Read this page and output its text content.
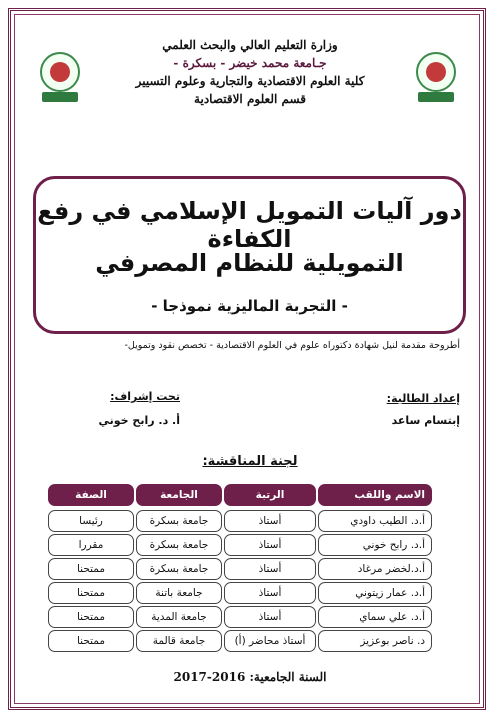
وزارة التعليم العالي والبحث العلمي
جـامعة محمد خيضر - بسكرة -
كلية العلوم الاقتصادية والتجارية وعلوم التسيير
قسم العلوم الاقتصادية
دور آليات التمويل الإسلامي في رفع الكفاءة
التمويلية للنظام المصرفي
- التجربة الماليزية نموذجا -
أطروحة مقدمة لنيل شهادة دكتوراه علوم في العلوم الاقتصادية - تخصص نقود وتمويل-
إعداد الطالبة:
إبتسام ساعد
تحت إشراف:
أ. د. رابح خوني
لجنة المناقشة:
الاسم واللقب
الرتبة
الجامعة
الصفة
أ.د. الطيب داودي
أستاذ
جامعة بسكرة
رئيسا
أ.د. رابح خوني
أستاذ
جامعة بسكرة
مقررا
أ.د.لخضر مرغاد
أستاذ
جامعة بسكرة
ممتحنا
أ.د. عمار زيتوني
أستاذ
جامعة باتنة
ممتحنا
أ.د. علي سماي
أستاذ
جامعة المدية
ممتحنا
د. ناصر بوعزيز
أستاذ محاضر (أ)
جامعة قالمة
ممتحنا
السنة الجامعية: 2016-2017
